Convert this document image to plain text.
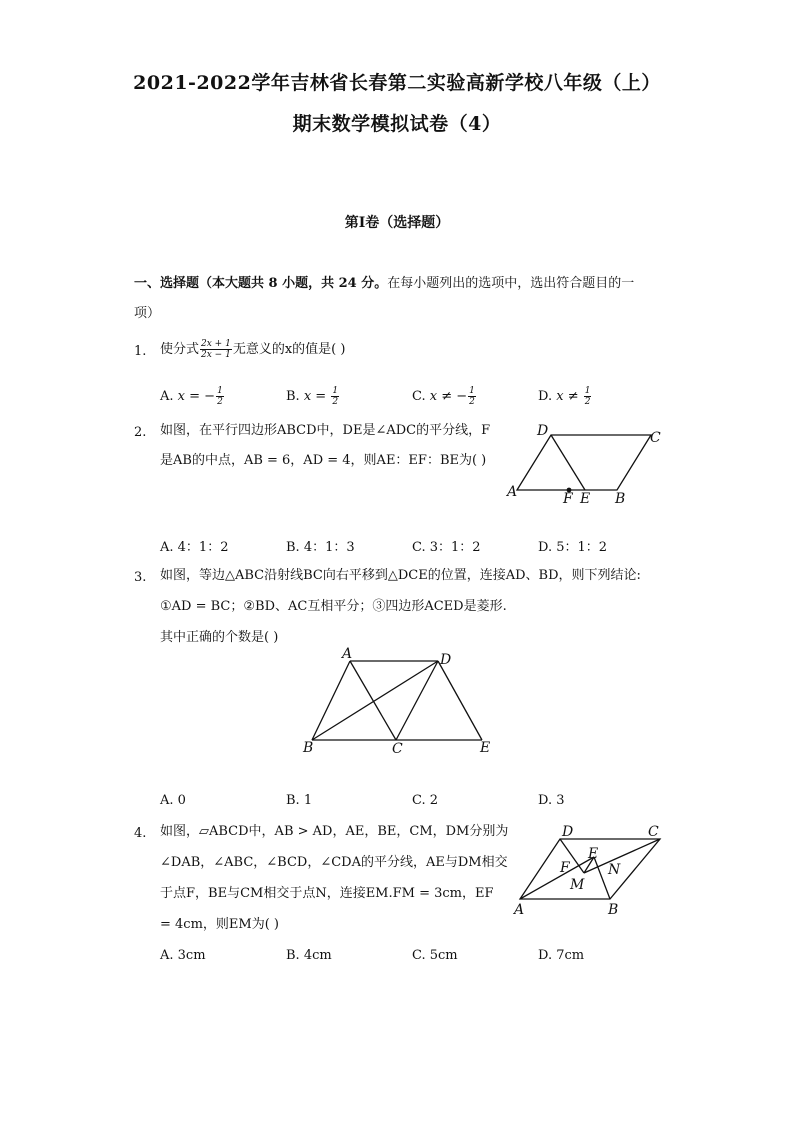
2021-2022学年吉林省长春第二实验高新学校八年级（上）
期末数学模拟试卷（4）
第I卷（选择题）
一、选择题（本大题共 8 小题，共 24 分。在每小题列出的选项中，选出符合题目的一
项）
1. 使分式 $\frac{2x + 1}{2x - 1}$ 无意义的x的值是( )
A. x = − $\frac{1}{2}$	B. $x = \frac{1}{2}$	C. x ≠ − $\frac{1}{2}$	D. $x \ne \frac{1}{2}$
2. 如图，在平行四边形ABCD中，DE是∠ADC的平分线，F
是AB的中点，AB = 6，AD = 4，则AE：EF：BE为( )
D	C
A	B
F E
A. 4：1：2	B. 4：1：3	C. 3：1：2	D. 5：1：2
3. 如图，等边△ABC沿射线BC向右平移到△DCE的位置，连接AD、BD，则下列结论:
①AD = BC；②BD、AC互相平分；③四边形ACED是菱形.
其中正确的个数是( )
A	D
B	C	E
A. 0	B. 1	C. 2	D. 3
4. 如图，▱ABCD中，AB > AD，AE，BE，CM，DM分别为
∠DAB，∠ABC，∠BCD，∠CDA的平分线，AE与DM相交
于点F，BE与CM相交于点N，连接EM.FM = 3cm，EF
= 4cm，则EM为( )
D	C
A	B
E
F
M
N
A. 3cm	B. 4cm	C. 5cm	D. 7cm
